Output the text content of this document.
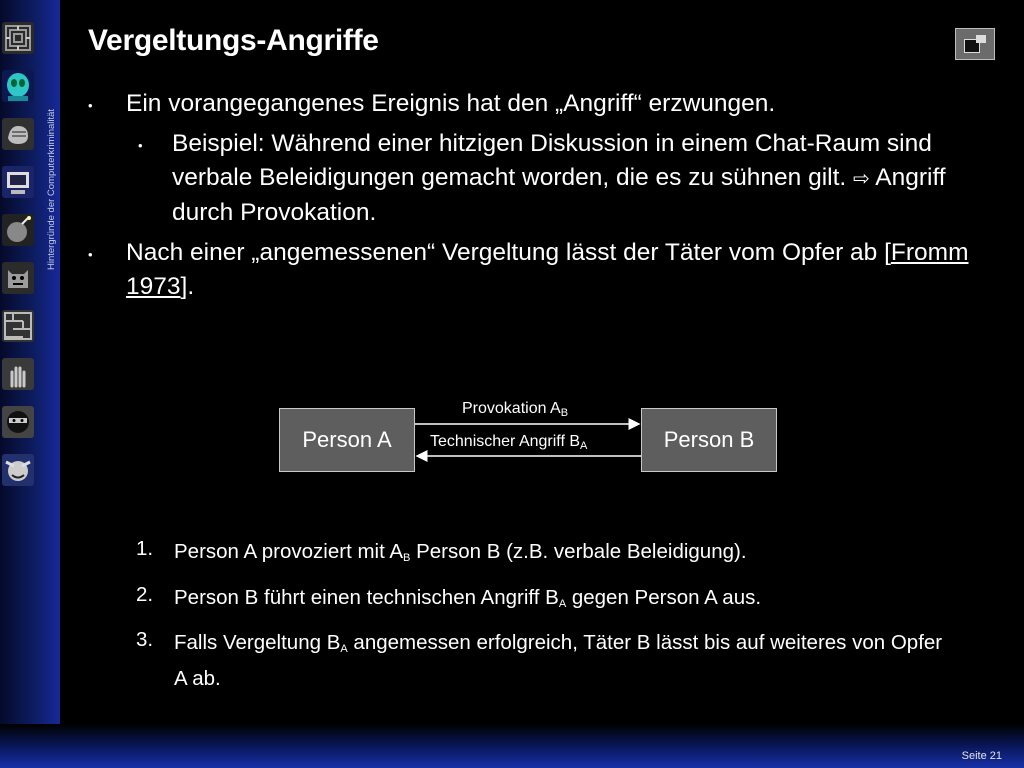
Hintergründe der Computerkriminalität
Vergeltungs-Angriffe
• Ein vorangegangenes Ereignis hat den „Angriff“ erzwungen.
• Beispiel: Während einer hitzigen Diskussion in einem Chat-Raum sind verbale Beleidigungen gemacht worden, die es zu sühnen gilt. ⇨ Angriff durch Provokation.
• Nach einer „angemessenen“ Vergeltung lässt der Täter vom Opfer ab [Fromm 1973].
Person A	Person B
Provokation $A_B$
Technischer Angriff $B_A$
1. Person A provoziert mit $A_B$ Person B (z.B. verbale Beleidigung).
2. Person B führt einen technischen Angriff $B_A$ gegen Person A aus.
3. Falls Vergeltung $B_A$ angemessen erfolgreich, Täter B lässt bis auf weiteres von Opfer A ab.
Seite 21
